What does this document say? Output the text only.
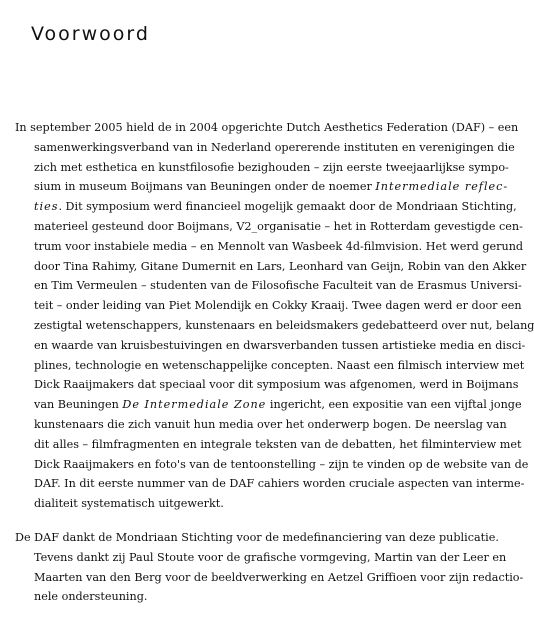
Voorwoord
In september 2005 hield de in 2004 opgerichte Dutch Aesthetics Federation (DAF) – een
samenwerkingsverband van in Nederland opererende instituten en verenigingen die
zich met esthetica en kunstfilosofie bezighouden – zijn eerste tweejaarlijkse sympo-
sium in museum Boijmans van Beuningen onder de noemer Intermediale reflec-
ties. Dit symposium werd financieel mogelijk gemaakt door de Mondriaan Stichting,
materieel gesteund door Boijmans, V2_organisatie – het in Rotterdam gevestigde cen-
trum voor instabiele media – en Mennolt van Wasbeek 4d-filmvision. Het werd gerund
door Tina Rahimy, Gitane Dumernit en Lars, Leonhard van Geijn, Robin van den Akker
en Tim Vermeulen – studenten van de Filosofische Faculteit van de Erasmus Universi-
teit – onder leiding van Piet Molendijk en Cokky Kraaij. Twee dagen werd er door een
zestigtal wetenschappers, kunstenaars en beleidsmakers gedebatteerd over nut, belang
en waarde van kruisbestuivingen en dwarsverbanden tussen artistieke media en disci-
plines, technologie en wetenschappelijke concepten. Naast een filmisch interview met
Dick Raaijmakers dat speciaal voor dit symposium was afgenomen, werd in Boijmans
van Beuningen De Intermediale Zone ingericht, een expositie van een vijftal jonge
kunstenaars die zich vanuit hun media over het onderwerp bogen. De neerslag van
dit alles – filmfragmenten en integrale teksten van de debatten, het filminterview met
Dick Raaijmakers en foto's van de tentoonstelling – zijn te vinden op de website van de
DAF. In dit eerste nummer van de DAF cahiers worden cruciale aspecten van interme-
dialiteit systematisch uitgewerkt.
De DAF dankt de Mondriaan Stichting voor de medefinanciering van deze publicatie.
Tevens dankt zij Paul Stoute voor de grafische vormgeving, Martin van der Leer en
Maarten van den Berg voor de beeldverwerking en Aetzel Griffioen voor zijn redactio-
nele ondersteuning.
